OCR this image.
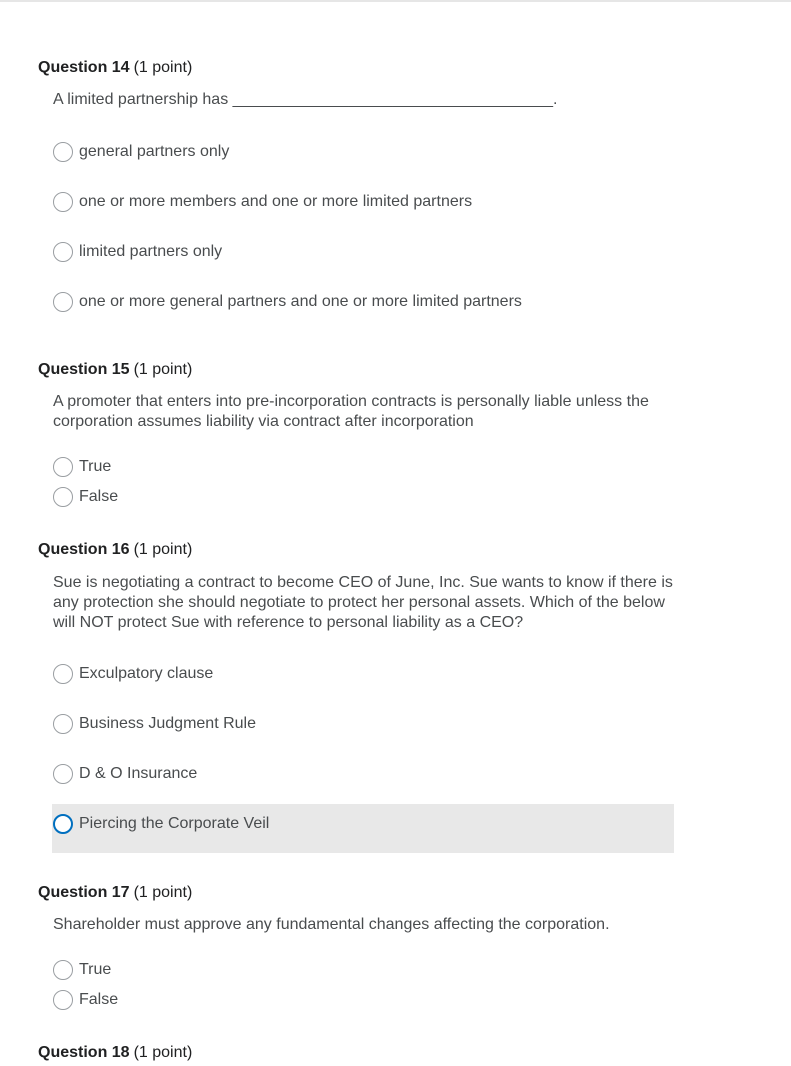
Question 14 (1 point)
A limited partnership has ____________________________________.
general partners only
one or more members and one or more limited partners
limited partners only
one or more general partners and one or more limited partners
Question 15 (1 point)
A promoter that enters into pre-incorporation contracts is personally liable unless the corporation assumes liability via contract after incorporation
True
False
Question 16 (1 point)
Sue is negotiating a contract to become CEO of June, Inc. Sue wants to know if there is any protection she should negotiate to protect her personal assets. Which of the below will NOT protect Sue with reference to personal liability as a CEO?
Exculpatory clause
Business Judgment Rule
D & O Insurance
Piercing the Corporate Veil
Question 17 (1 point)
Shareholder must approve any fundamental changes affecting the corporation.
True
False
Question 18 (1 point)
